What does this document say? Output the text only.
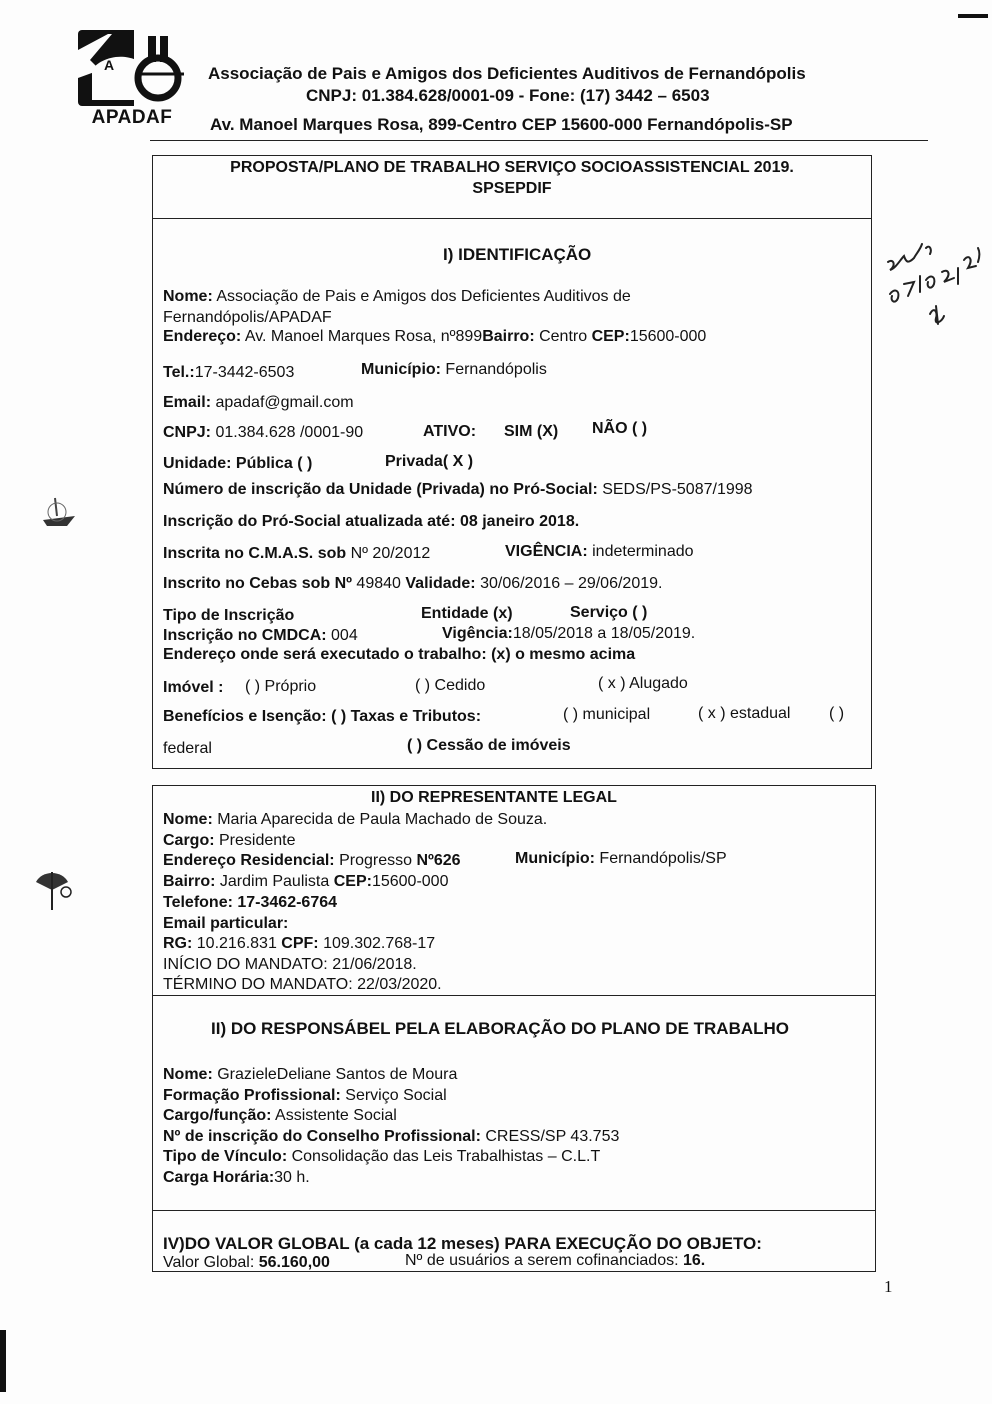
A
APADAF
Associação de Pais e Amigos dos Deficientes Auditivos de Fernandópolis
CNPJ: 01.384.628/0001-09 - Fone: (17) 3442 – 6503
Av. Manoel Marques Rosa, 899-Centro CEP 15600-000 Fernandópolis-SP
PROPOSTA/PLANO DE TRABALHO SERVIÇO SOCIOASSISTENCIAL 2019.
SPSEPDIF
I) IDENTIFICAÇÃO
Nome: Associação de Pais e Amigos dos Deficientes Auditivos de
Fernandópolis/APADAF
Endereço: Av. Manoel Marques Rosa, nº899Bairro: Centro CEP:15600-000
Tel.:17-3442-6503	Município: Fernandópolis
Email: apadaf@gmail.com
CNPJ: 01.384.628 /0001-90	ATIVO: SIM (X) NÃO ( )
Unidade: Pública ( )	Privada( X )
Número de inscrição da Unidade (Privada) no Pró-Social: SEDS/PS-5087/1998
Inscrição do Pró-Social atualizada até: 08 janeiro 2018.
Inscrita no C.M.A.S. sob Nº 20/2012	VIGÊNCIA: indeterminado
Inscrito no Cebas sob Nº 49840 Validade: 30/06/2016 – 29/06/2019.
Tipo de Inscrição	Entidade (x)	Serviço ( )
Inscrição no CMDCA: 004	Vigência:18/05/2018 a 18/05/2019.
Endereço onde será executado o trabalho: (x) o mesmo acima
Imóvel : ( ) Próprio	( ) Cedido	( x ) Alugado
Benefícios e Isenção: ( ) Taxas e Tributos:	( ) municipal	( x ) estadual ( )
federal	( ) Cessão de imóveis
II) DO REPRESENTANTE LEGAL
Nome: Maria Aparecida de Paula Machado de Souza.
Cargo: Presidente
Endereço Residencial: Progresso Nº626	Município: Fernandópolis/SP
Bairro: Jardim Paulista CEP:15600-000
Telefone: 17-3462-6764
Email particular:
RG: 10.216.831 CPF: 109.302.768-17
INÍCIO DO MANDATO: 21/06/2018.
TÉRMINO DO MANDATO: 22/03/2020.
II) DO RESPONSÁBEL PELA ELABORAÇÃO DO PLANO DE TRABALHO
Nome: GrazieleDeliane Santos de Moura
Formação Profissional: Serviço Social
Cargo/função: Assistente Social
Nº de inscrição do Conselho Profissional: CRESS/SP 43.753
Tipo de Vínculo: Consolidação das Leis Trabalhistas – C.L.T
Carga Horária:30 h.
IV)DO VALOR GLOBAL (a cada 12 meses) PARA EXECUÇÃO DO OBJETO:
Valor Global: 56.160,00	Nº de usuários a serem cofinanciados: 16.
1
